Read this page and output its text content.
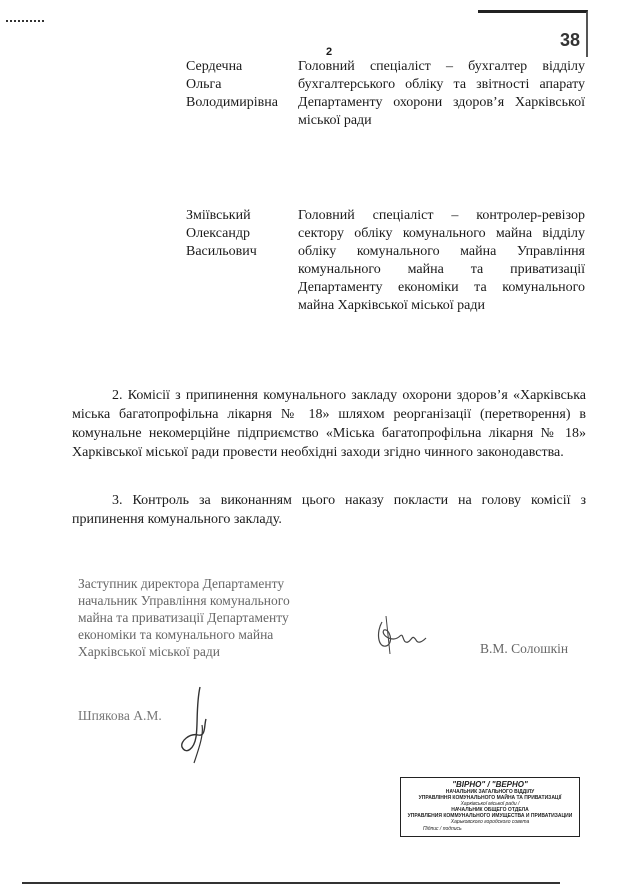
38
2
Сердечна
Ольга
Володимирівна
Головний спеціаліст – бухгалтер відділу бухгалтерського обліку та звітності апарату Департаменту охорони здоров’я Харківської міської ради
Зміївський
Олександр
Васильович
Головний спеціаліст – контролер-ревізор сектору обліку комунального майна відділу обліку комунального майна Управління комунального майна та приватизації Департаменту економіки та комунального майна Харківської міської ради
2. Комісії з припинення комунального закладу охорони здоров’я «Харківська міська багатопрофільна лікарня № 18» шляхом реорганізації (перетворення) в комунальне некомерційне підприємство «Міська багатопрофільна лікарня № 18» Харківської міської ради провести необхідні заходи згідно чинного законодавства.
3. Контроль за виконанням цього наказу покласти на голову комісії з припинення комунального закладу.
Заступник директора Департаменту
начальник Управління комунального
майна та приватизації Департаменту
економіки та комунального майна
Харківської міської ради	В.М. Солошкін
Шпякова А.М.
"ВІРНО" / "ВЕРНО"
НАЧАЛЬНИК ЗАГАЛЬНОГО ВІДДІЛУ
УПРАВЛІННЯ КОМУНАЛЬНОГО МАЙНА ТА ПРИВАТИЗАЦІЇ
Харківської міської ради /
НАЧАЛЬНИК ОБЩЕГО ОТДЕЛА
УПРАВЛЕНИЯ КОММУНАЛЬНОГО ИМУЩЕСТВА И ПРИВАТИЗАЦИИ
Харьковского городского совета
Підпис / подпись
